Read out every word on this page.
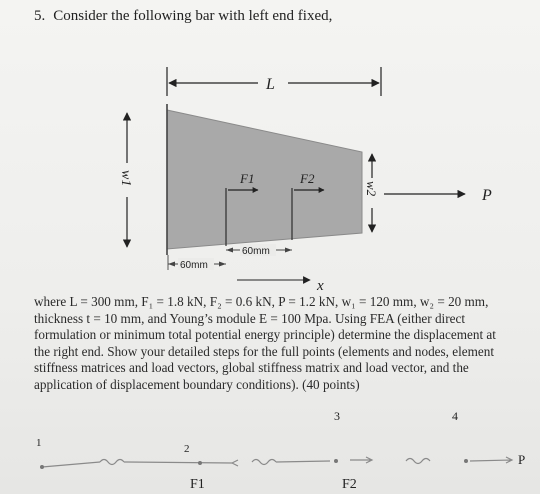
5. Consider the following bar with left end fixed,
L
w1
w2	P
F1	F2
60mm
60mm
x
1	2
3	4
F1	F2
P
where L = 300 mm, F₁ = 1.8 kN, F₂ = 0.6 kN, P = 1.2 kN, w₁ = 120 mm, w₂ = 20 mm,
thickness t = 10 mm, and Young’s module E = 100 Mpa. Using FEA (either direct
formulation or minimum total potential energy principle) determine the displacement at
the right end. Show your detailed steps for the full points (elements and nodes, element
stiffness matrices and load vectors, global stiffness matrix and load vector, and the
application of displacement boundary conditions). (40 points)
